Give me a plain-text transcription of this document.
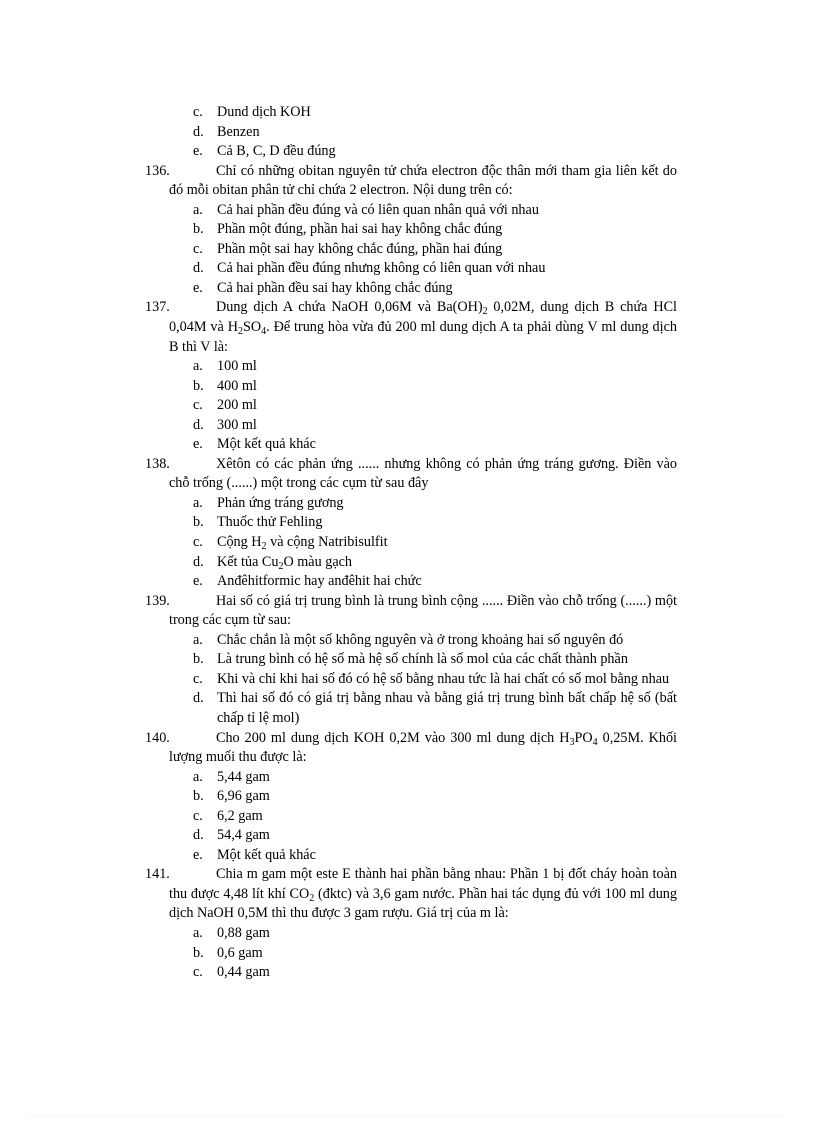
c. Dund dịch KOH
d. Benzen
e. Cả B, C, D đều đúng
136.	Chỉ có những obitan nguyên tử chứa electron độc thân mới tham gia liên kết do đó mỗi obitan phân tử chỉ chứa 2 electron. Nội dung trên có:
a. Cả hai phần đều đúng và có liên quan nhân quả với nhau
b. Phần một đúng, phần hai sai hay không chắc đúng
c. Phần một sai hay không chắc đúng, phần hai đúng
d. Cả hai phần đều đúng nhưng không có liên quan với nhau
e. Cả hai phần đều sai hay không chắc đúng
137.	Dung dịch A chứa NaOH 0,06M và $Ba(OH)_2$ 0,02M, dung dịch B chứa HCl 0,04M và $H_2SO_4$. Để trung hòa vừa đủ 200 ml dung dịch A ta phải dùng V ml dung dịch B thì V là:
a. 100 ml
b. 400 ml
c. 200 ml
d. 300 ml
e. Một kết quả khác
138.	Xêtôn có các phản ứng ...... nhưng không có phản ứng tráng gương. Điền vào chỗ trống (......) một trong các cụm từ sau đây
a. Phản ứng tráng gương
b. Thuốc thử Fehling
c. Cộng $H_2$ và cộng Natribisulfit
d. Kết tủa $Cu_2O$ màu gạch
e. Anđêhitformic hay anđêhit hai chức
139.	Hai số có giá trị trung bình là trung bình cộng ...... Điền vào chỗ trống (......) một trong các cụm từ sau:
a. Chắc chắn là một số không nguyên và ở trong khoảng hai số nguyên đó
b. Là trung bình có hệ số mà hệ số chính là số mol của các chất thành phần
c. Khi và chỉ khi hai số đó có hệ số bằng nhau tức là hai chất có số mol bằng nhau
d. Thì hai số đó có giá trị bằng nhau và bằng giá trị trung bình bất chấp hệ số (bất chấp tỉ lệ mol)
140.	Cho 200 ml dung dịch KOH 0,2M vào 300 ml dung dịch $H_3PO_4$ 0,25M. Khối lượng muối thu được là:
a. 5,44 gam
b. 6,96 gam
c. 6,2 gam
d. 54,4 gam
e. Một kết quả khác
141.	Chia m gam một este E thành hai phần bằng nhau: Phần 1 bị đốt cháy hoàn toàn thu được 4,48 lít khí $CO_2$ (đktc) và 3,6 gam nước. Phần hai tác dụng đủ với 100 ml dung dịch NaOH 0,5M thì thu được 3 gam rượu. Giá trị của m là:
a. 0,88 gam
b. 0,6 gam
c. 0,44 gam
